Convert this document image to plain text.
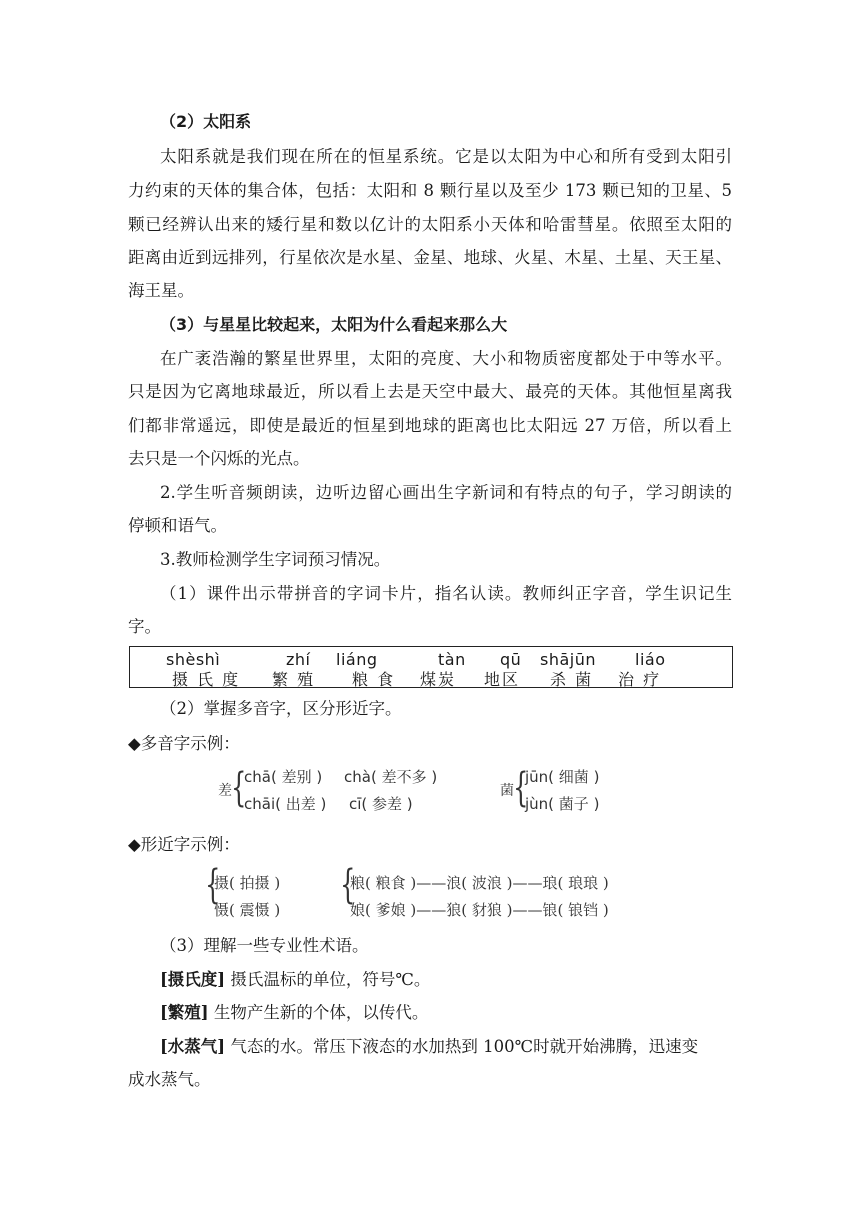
（2）太阳系
太阳系就是我们现在所在的恒星系统。它是以太阳为中心和所有受到太阳引
力约束的天体的集合体，包括：太阳和 8 颗行星以及至少 173 颗已知的卫星、5
颗已经辨认出来的矮行星和数以亿计的太阳系小天体和哈雷彗星。依照至太阳的
距离由近到远排列，行星依次是水星、金星、地球、火星、木星、土星、天王星、
海王星。
（3）与星星比较起来，太阳为什么看起来那么大
在广袤浩瀚的繁星世界里，太阳的亮度、大小和物质密度都处于中等水平。
只是因为它离地球最近，所以看上去是天空中最大、最亮的天体。其他恒星离我
们都非常遥远，即使是最近的恒星到地球的距离也比太阳远 27 万倍，所以看上
去只是一个闪烁的光点。
2.学生听音频朗读，边听边留心画出生字新词和有特点的句子，学习朗读的
停顿和语气。
3.教师检测学生字词预习情况。
（1）课件出示带拼音的字词卡片，指名认读。教师纠正字音，学生识记生
字。
shèshì	zhí liáng	tàn qū shājūn liáo
摄 氏 度 繁 殖 粮 食 煤炭 地区 杀 菌 治 疗
（2）掌握多音字，区分形近字。
◆多音字示例：
差 {
chā( 差别 ) chà( 差不多 )
chāi( 出差 ) cī( 参差 )
菌 {
jūn( 细菌 )
jùn( 菌子 )
◆形近字示例：
{
摄( 拍摄 )
慑( 震慑 )
{
粮( 粮食 )——浪( 波浪 )——琅( 琅琅 )
娘( 爹娘 )——狼( 豺狼 )——锒( 锒铛 )
（3）理解一些专业性术语。
[摄氏度] 摄氏温标的单位，符号℃。
[繁殖] 生物产生新的个体，以传代。
[水蒸气] 气态的水。常压下液态的水加热到 100℃时就开始沸腾，迅速变
成水蒸气。
